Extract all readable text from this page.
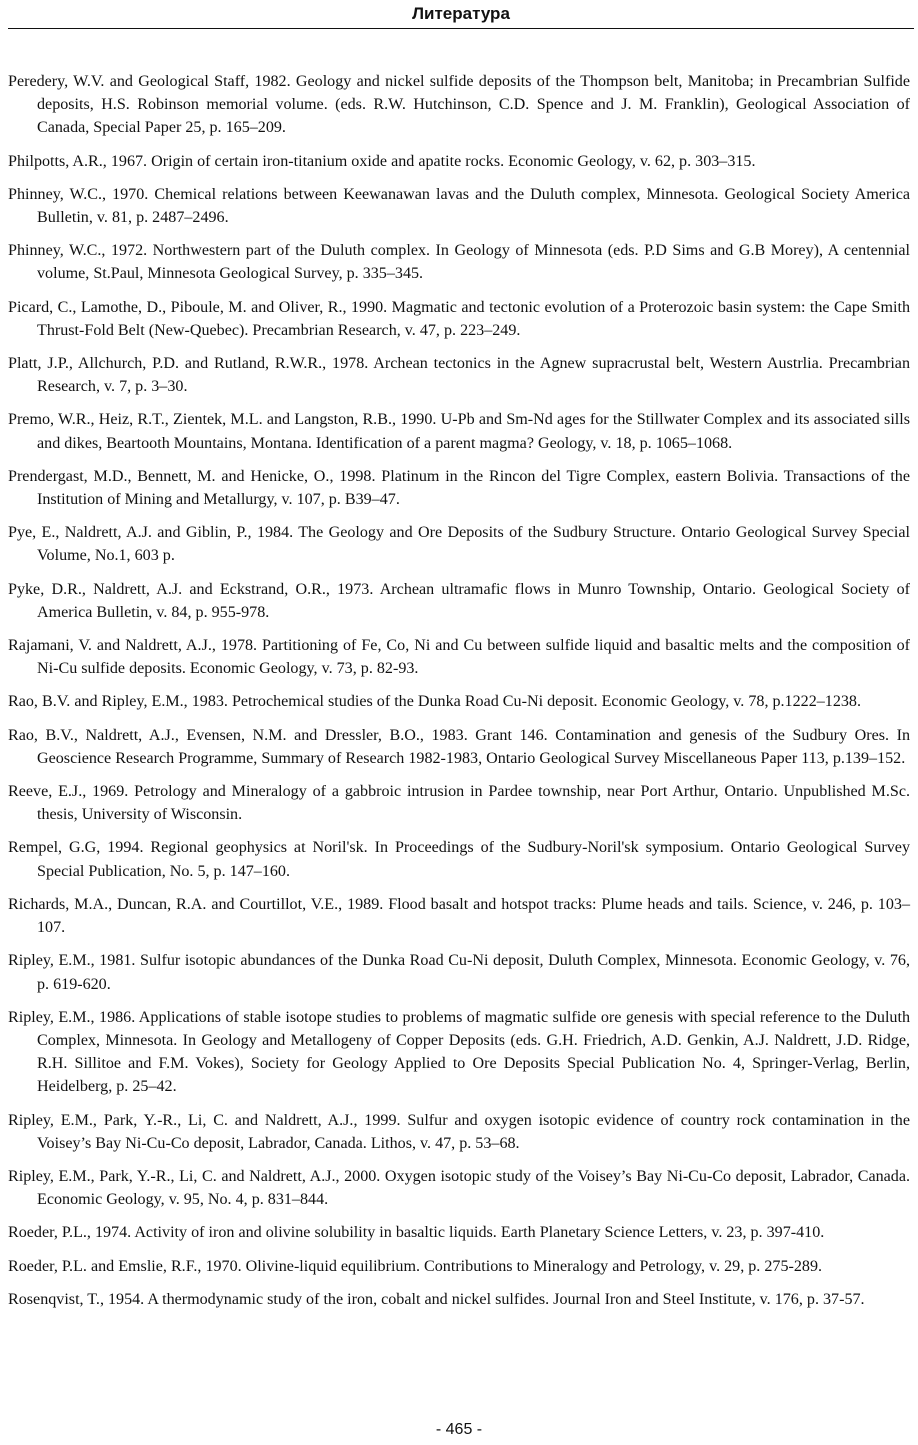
Литература
Peredery, W.V. and Geological Staff, 1982. Geology and nickel sulfide deposits of the Thompson belt, Manitoba; in Precambrian Sulfide deposits, H.S. Robinson memorial volume. (eds. R.W. Hutchinson, C.D. Spence and J. M. Franklin), Geological Association of Canada, Special Paper 25, p. 165–209.
Philpotts, A.R., 1967. Origin of certain iron-titanium oxide and apatite rocks. Economic Geology, v. 62, p. 303–315.
Phinney, W.C., 1970. Chemical relations between Keewanawan lavas and the Duluth complex, Minnesota. Geological Society America Bulletin, v. 81, p. 2487–2496.
Phinney, W.C., 1972. Northwestern part of the Duluth complex. In Geology of Minnesota (eds. P.D Sims and G.B Morey), A centennial volume, St.Paul, Minnesota Geological Survey, p. 335–345.
Picard, C., Lamothe, D., Piboule, M. and Oliver, R., 1990. Magmatic and tectonic evolution of a Proterozoic basin system: the Cape Smith Thrust-Fold Belt (New-Quebec). Precambrian Research, v. 47, p. 223–249.
Platt, J.P., Allchurch, P.D. and Rutland, R.W.R., 1978. Archean tectonics in the Agnew supracrustal belt, Western Austrlia. Precambrian Research, v. 7, p. 3–30.
Premo, W.R., Heiz, R.T., Zientek, M.L. and Langston, R.B., 1990. U-Pb and Sm-Nd ages for the Stillwater Complex and its associated sills and dikes, Beartooth Mountains, Montana. Identification of a parent magma? Geology, v. 18, p. 1065–1068.
Prendergast, M.D., Bennett, M. and Henicke, O., 1998. Platinum in the Rincon del Tigre Complex, eastern Bolivia. Transactions of the Institution of Mining and Metallurgy, v. 107, p. B39–47.
Pye, E., Naldrett, A.J. and Giblin, P., 1984. The Geology and Ore Deposits of the Sudbury Structure. Ontario Geological Survey Special Volume, No.1, 603 p.
Pyke, D.R., Naldrett, A.J. and Eckstrand, O.R., 1973. Archean ultramafic flows in Munro Township, Ontario. Geological Society of America Bulletin, v. 84, p. 955-978.
Rajamani, V. and Naldrett, A.J., 1978. Partitioning of Fe, Co, Ni and Cu between sulfide liquid and basaltic melts and the composition of Ni-Cu sulfide deposits. Economic Geology, v. 73, p. 82-93.
Rao, B.V. and Ripley, E.M., 1983. Petrochemical studies of the Dunka Road Cu-Ni deposit. Economic Geology, v. 78, p.1222–1238.
Rao, B.V., Naldrett, A.J., Evensen, N.M. and Dressler, B.O., 1983. Grant 146. Contamination and genesis of the Sudbury Ores. In Geoscience Research Programme, Summary of Research 1982-1983, Ontario Geological Survey Miscellaneous Paper 113, p.139–152.
Reeve, E.J., 1969. Petrology and Mineralogy of a gabbroic intrusion in Pardee township, near Port Arthur, Ontario. Unpublished M.Sc. thesis, University of Wisconsin.
Rempel, G.G, 1994. Regional geophysics at Noril'sk. In Proceedings of the Sudbury-Noril'sk symposium. Ontario Geological Survey Special Publication, No. 5, p. 147–160.
Richards, M.A., Duncan, R.A. and Courtillot, V.E., 1989. Flood basalt and hotspot tracks: Plume heads and tails. Science, v. 246, p. 103–107.
Ripley, E.M., 1981. Sulfur isotopic abundances of the Dunka Road Cu-Ni deposit, Duluth Complex, Minnesota. Economic Geology, v. 76, p. 619-620.
Ripley, E.M., 1986. Applications of stable isotope studies to problems of magmatic sulfide ore genesis with special reference to the Duluth Complex, Minnesota. In Geology and Metallogeny of Copper Deposits (eds. G.H. Friedrich, A.D. Genkin, A.J. Naldrett, J.D. Ridge, R.H. Sillitoe and F.M. Vokes), Society for Geology Applied to Ore Deposits Special Publication No. 4, Springer-Verlag, Berlin, Heidelberg, p. 25–42.
Ripley, E.M., Park, Y.-R., Li, C. and Naldrett, A.J., 1999. Sulfur and oxygen isotopic evidence of country rock contamination in the Voisey’s Bay Ni-Cu-Co deposit, Labrador, Canada. Lithos, v. 47, p. 53–68.
Ripley, E.M., Park, Y.-R., Li, C. and Naldrett, A.J., 2000. Oxygen isotopic study of the Voisey’s Bay Ni-Cu-Co deposit, Labrador, Canada. Economic Geology, v. 95, No. 4, p. 831–844.
Roeder, P.L., 1974. Activity of iron and olivine solubility in basaltic liquids. Earth Planetary Science Letters, v. 23, p. 397-410.
Roeder, P.L. and Emslie, R.F., 1970. Olivine-liquid equilibrium. Contributions to Mineralogy and Petrology, v. 29, p. 275-289.
Rosenqvist, T., 1954. A thermodynamic study of the iron, cobalt and nickel sulfides. Journal Iron and Steel Institute, v. 176, p. 37-57.
- 465 -
